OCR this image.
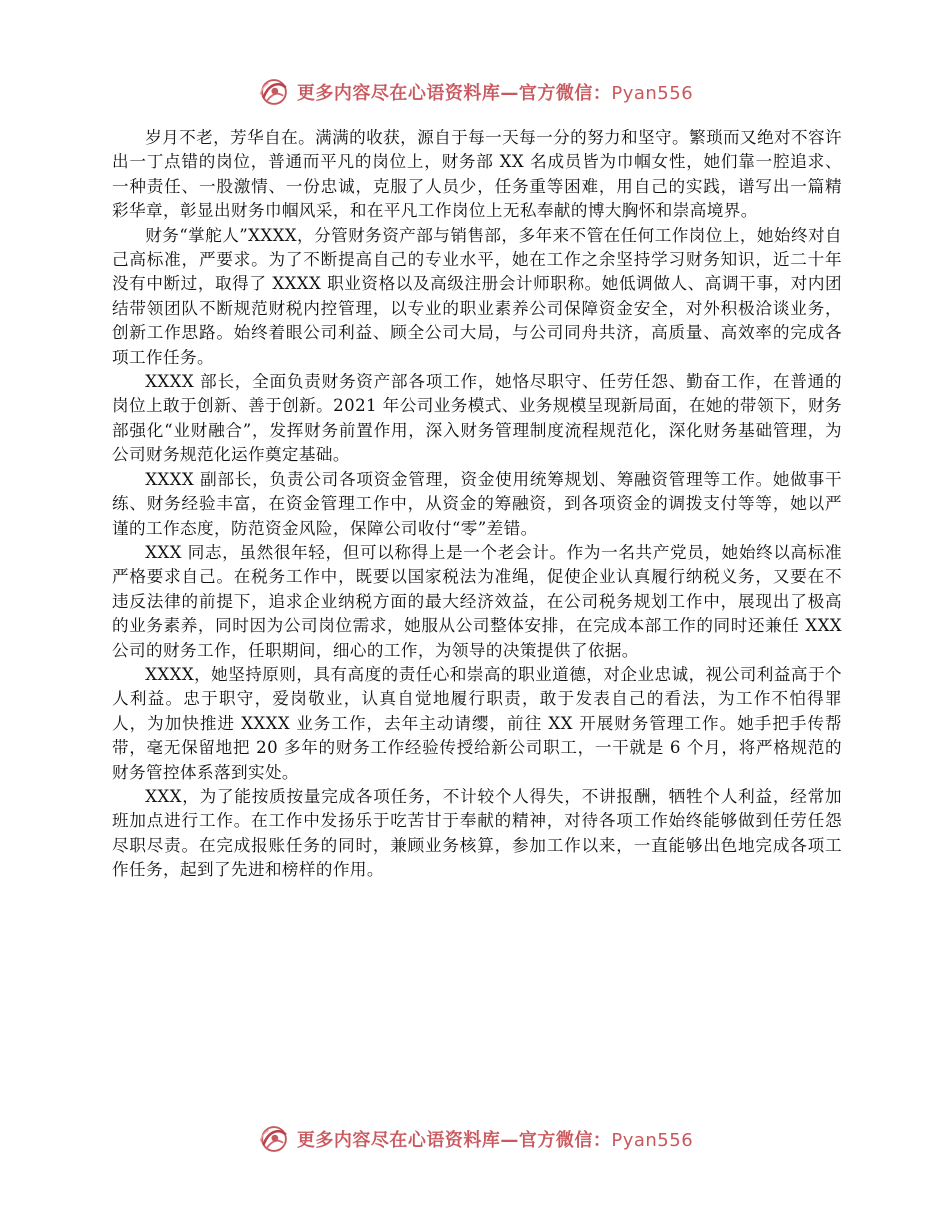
更多内容尽在心语资料库—官方微信：Pyan556

岁月不老，芳华自在。满满的收获，源自于每一天每一分的努力和坚守。繁琐而又绝对不容许出一丁点错的岗位，普通而平凡的岗位上，财务部 XX 名成员皆为巾帼女性，她们靠一腔追求、一种责任、一股激情、一份忠诚，克服了人员少，任务重等困难，用自己的实践，谱写出一篇精彩华章，彰显出财务巾帼风采，和在平凡工作岗位上无私奉献的博大胸怀和崇高境界。

财务“掌舵人”XXXX，分管财务资产部与销售部，多年来不管在任何工作岗位上，她始终对自己高标准，严要求。为了不断提高自己的专业水平，她在工作之余坚持学习财务知识，近二十年没有中断过，取得了 XXXX 职业资格以及高级注册会计师职称。她低调做人、高调干事，对内团结带领团队不断规范财税内控管理，以专业的职业素养公司保障资金安全，对外积极洽谈业务，创新工作思路。始终着眼公司利益、顾全公司大局，与公司同舟共济，高质量、高效率的完成各项工作任务。

XXXX 部长，全面负责财务资产部各项工作，她恪尽职守、任劳任怨、勤奋工作，在普通的岗位上敢于创新、善于创新。2021 年公司业务模式、业务规模呈现新局面，在她的带领下，财务部强化“业财融合”，发挥财务前置作用，深入财务管理制度流程规范化，深化财务基础管理，为公司财务规范化运作奠定基础。

XXXX 副部长，负责公司各项资金管理，资金使用统筹规划、筹融资管理等工作。她做事干练、财务经验丰富，在资金管理工作中，从资金的筹融资，到各项资金的调拨支付等等，她以严谨的工作态度，防范资金风险，保障公司收付“零”差错。

XXX 同志，虽然很年轻，但可以称得上是一个老会计。作为一名共产党员，她始终以高标准严格要求自己。在税务工作中，既要以国家税法为准绳，促使企业认真履行纳税义务，又要在不违反法律的前提下，追求企业纳税方面的最大经济效益，在公司税务规划工作中，展现出了极高的业务素养，同时因为公司岗位需求，她服从公司整体安排，在完成本部工作的同时还兼任 XXX 公司的财务工作，任职期间，细心的工作，为领导的决策提供了依据。

XXXX，她坚持原则，具有高度的责任心和崇高的职业道德，对企业忠诚，视公司利益高于个人利益。忠于职守，爱岗敬业，认真自觉地履行职责，敢于发表自己的看法，为工作不怕得罪人，为加快推进 XXXX 业务工作，去年主动请缨，前往 XX 开展财务管理工作。她手把手传帮带，毫无保留地把 20 多年的财务工作经验传授给新公司职工，一干就是 6 个月，将严格规范的财务管控体系落到实处。

XXX，为了能按质按量完成各项任务，不计较个人得失，不讲报酬，牺牲个人利益，经常加班加点进行工作。在工作中发扬乐于吃苦甘于奉献的精神，对待各项工作始终能够做到任劳任怨尽职尽责。在完成报账任务的同时，兼顾业务核算，参加工作以来，一直能够出色地完成各项工作任务，起到了先进和榜样的作用。

更多内容尽在心语资料库—官方微信：Pyan556
